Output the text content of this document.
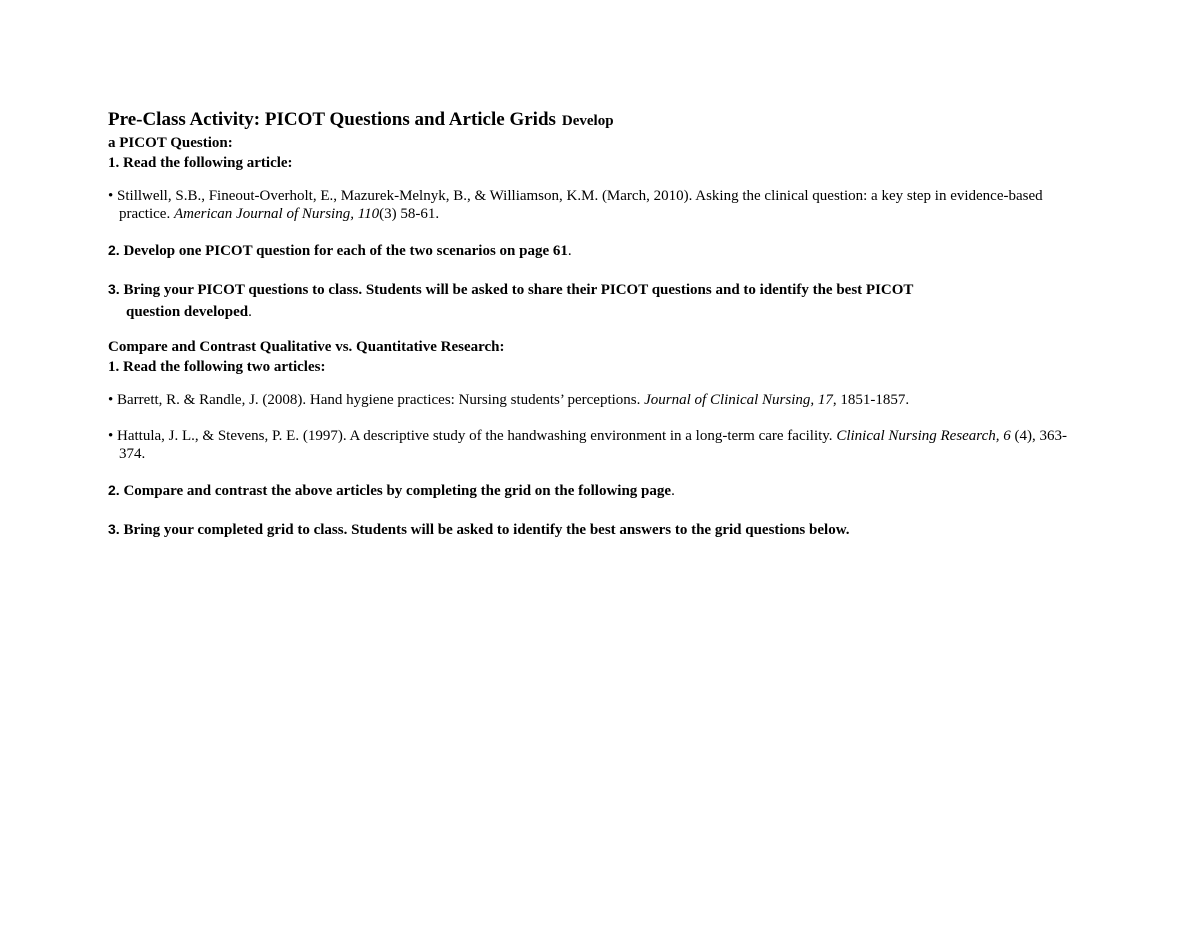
Pre-Class Activity: PICOT Questions and Article Grids Develop
a PICOT Question:
1. Read the following article:
• Stillwell, S.B., Fineout-Overholt, E., Mazurek-Melnyk, B., & Williamson, K.M. (March, 2010). Asking the clinical question: a key step in evidence-based practice. American Journal of Nursing, 110(3) 58-61.
2. Develop one PICOT question for each of the two scenarios on page 61.
3. Bring your PICOT questions to class. Students will be asked to share their PICOT questions and to identify the best PICOT
question developed.
Compare and Contrast Qualitative vs. Quantitative Research:
1. Read the following two articles:
• Barrett, R. & Randle, J. (2008). Hand hygiene practices: Nursing students’ perceptions. Journal of Clinical Nursing, 17, 1851-1857.
• Hattula, J. L., & Stevens, P. E. (1997). A descriptive study of the handwashing environment in a long-term care facility. Clinical Nursing Research, 6 (4), 363-374.
2. Compare and contrast the above articles by completing the grid on the following page.
3. Bring your completed grid to class. Students will be asked to identify the best answers to the grid questions below.
